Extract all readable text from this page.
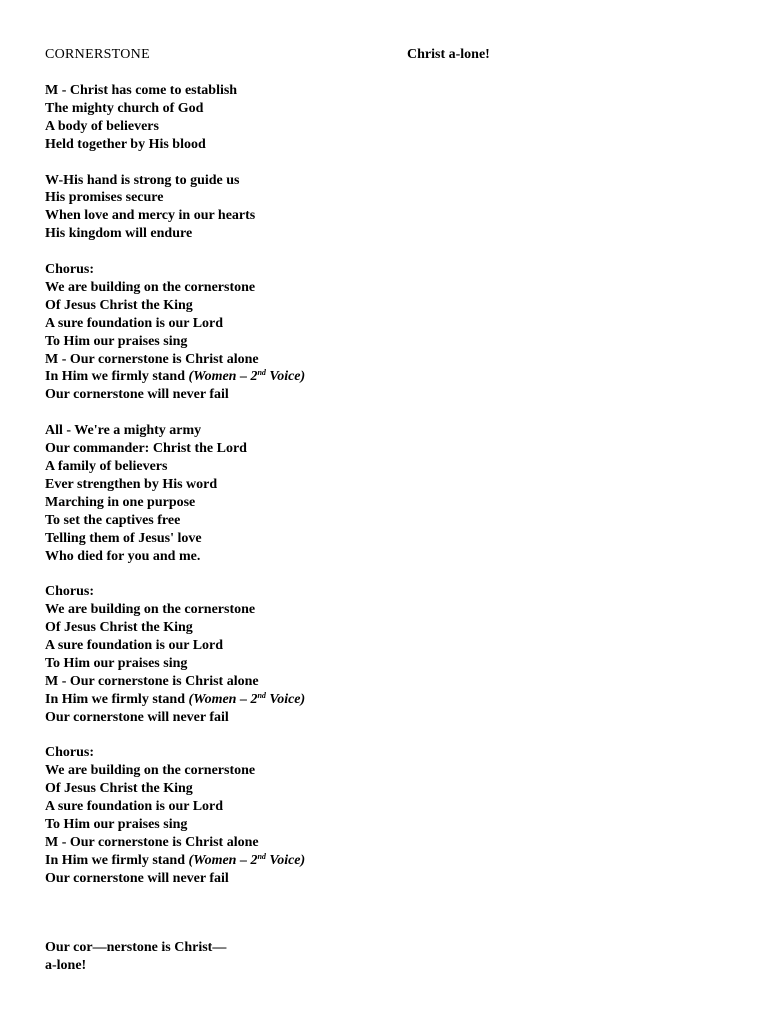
CORNERSTONE	Christ a-lone!
M - Christ has come to establish
The mighty church of God
A body of believers
Held together by His blood
W-His hand is strong to guide us
His promises secure
When love and mercy in our hearts
His kingdom will endure
Chorus:
We are building on the cornerstone
Of Jesus Christ the King
A sure foundation is our Lord
To Him our praises sing
M - Our cornerstone is Christ alone
In Him we firmly stand (Women – 2nd Voice)
Our cornerstone will never fail
All - We're a mighty army
Our commander: Christ the Lord
A family of believers
Ever strengthen by His word
Marching in one purpose
To set the captives free
Telling them of Jesus' love
Who died for you and me.
Chorus:
We are building on the cornerstone
Of Jesus Christ the King
A sure foundation is our Lord
To Him our praises sing
M - Our cornerstone is Christ alone
In Him we firmly stand (Women – 2nd Voice)
Our cornerstone will never fail
Chorus:
We are building on the cornerstone
Of Jesus Christ the King
A sure foundation is our Lord
To Him our praises sing
M - Our cornerstone is Christ alone
In Him we firmly stand (Women – 2nd Voice)
Our cornerstone will never fail
Our cor—nerstone is Christ—
a-lone!
